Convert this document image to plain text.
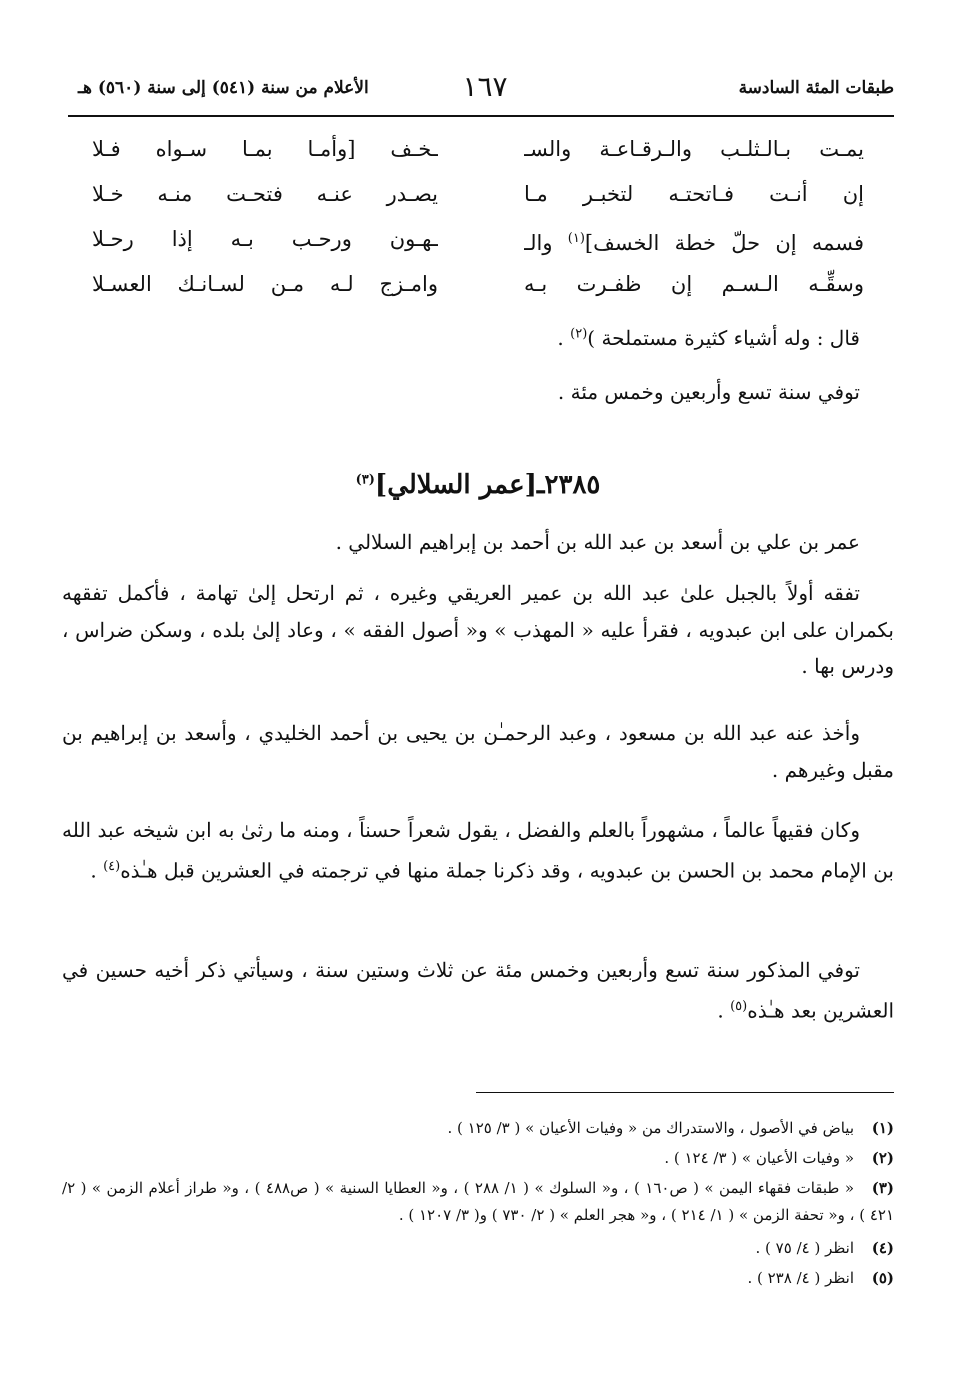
طبقات المئة السادسة
١٦٧
الأعلام من سنة (٥٤١) إلى سنة (٥٦٠) هـ
يمـت بـالـثلـب والـرقـاعـة والسـ
ـخـف [وأمـا بمـا سـواه فـلا
إن أنـت فـاتحتـه لتخبـر مـا
يصـدر عنـه فتحـت منـه خـلا
فسمه إن حلّ خطة الخسف]$^{(١)}$ والـ
ـهـون ورحـب بـه إذا رحـلا
وسقِّـه الـسـم إن ظفـرت بـه
وامـزج لـه مـن لسـانـك العسـلا
قال : وله أشياء كثيرة مستملحة )$^{(٢)}$ .
توفي سنة تسع وأربعين وخمس مئة .
٢٣٨٥ـ[عمر السلالي]$^{(٣)}$
عمر بن علي بن أسعد بن عبد الله بن أحمد بن إبراهيم السلالي .
تفقه أولاً بالجبل علىٰ عبد الله بن عمير العريقي وغيره ، ثم ارتحل إلىٰ تهامة ، فأكمل تفقهه بكمران على ابن عبدويه ، فقرأ عليه « المهذب » و« أصول الفقه » ، وعاد إلىٰ بلده ، وسكن ضراس ، ودرس بها .
وأخذ عنه عبد الله بن مسعود ، وعبد الرحمـٰن بن يحيى بن أحمد الخليدي ، وأسعد بن إبراهيم بن مقبل وغيرهم .
وكان فقيهاً عالماً ، مشهوراً بالعلم والفضل ، يقول شعراً حسناً ، ومنه ما رثىٰ به ابن شيخه عبد الله بن الإمام محمد بن الحسن بن عبدويه ، وقد ذكرنا جملة منها في ترجمته في العشرين قبل هـٰذه$^{(٤)}$ .
توفي المذكور سنة تسع وأربعين وخمس مئة عن ثلاث وستين سنة ، وسيأتي ذكر أخيه حسين في العشرين بعد هـٰذه$^{(٥)}$ .
(١)بياض في الأصول ، والاستدراك من « وفيات الأعيان » ( ٣/ ١٢٥ ) .
(٢)« وفيات الأعيان » ( ٣/ ١٢٤ ) .
(٣)« طبقات فقهاء اليمن » ( ص١٦٠ ) ، و« السلوك » ( ١/ ٢٨٨ ) ، و« العطايا السنية » ( ص٤٨٨ ) ، و« طراز أعلام الزمن » ( ٢/ ٤٢١ ) ، و« تحفة الزمن » ( ١/ ٢١٤ ) ، و« هجر العلم » ( ٢/ ٧٣٠ ) و( ٣/ ١٢٠٧ ) .
(٤)انظر ( ٤/ ٧٥ ) .
(٥)انظر ( ٤/ ٢٣٨ ) .
